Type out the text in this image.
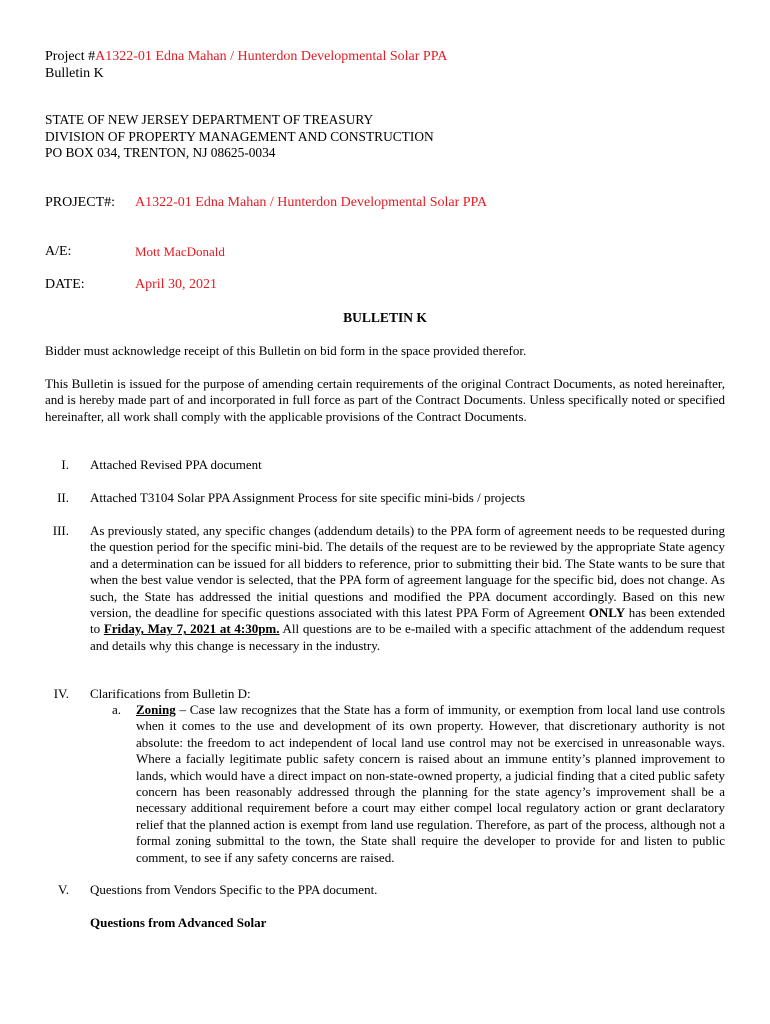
Project #A1322-01 Edna Mahan / Hunterdon Developmental Solar PPA
Bulletin K
STATE OF NEW JERSEY DEPARTMENT OF TREASURY
DIVISION OF PROPERTY MANAGEMENT AND CONSTRUCTION
PO BOX 034, TRENTON, NJ 08625-0034
PROJECT#:	A1322-01 Edna Mahan / Hunterdon Developmental Solar PPA
A/E:	Mott MacDonald
DATE:	April 30, 2021
BULLETIN K

Bidder must acknowledge receipt of this Bulletin on bid form in the space provided therefor.

This Bulletin is issued for the purpose of amending certain requirements of the original Contract Documents, as noted hereinafter, and is hereby made part of and incorporated in full force as part of the Contract Documents. Unless specifically noted or specified hereinafter, all work shall comply with the applicable provisions of the Contract Documents.

I. Attached Revised PPA document
II. Attached T3104 Solar PPA Assignment Process for site specific mini-bids / projects
III. As previously stated, any specific changes (addendum details) to the PPA form of agreement needs to be requested during the question period for the specific mini-bid. The details of the request are to be reviewed by the appropriate State agency and a determination can be issued for all bidders to reference, prior to submitting their bid. The State wants to be sure that when the best value vendor is selected, that the PPA form of agreement language for the specific bid, does not change. As such, the State has addressed the initial questions and modified the PPA document accordingly. Based on this new version, the deadline for specific questions associated with this latest PPA Form of Agreement ONLY has been extended to Friday, May 7, 2021 at 4:30pm. All questions are to be e-mailed with a specific attachment of the addendum request and details why this change is necessary in the industry.

IV. Clarifications from Bulletin D:
a. Zoning – Case law recognizes that the State has a form of immunity, or exemption from local land use controls when it comes to the use and development of its own property. However, that discretionary authority is not absolute: the freedom to act independent of local land use control may not be exercised in unreasonable ways. Where a facially legitimate public safety concern is raised about an immune entity’s planned improvement to lands, which would have a direct impact on non-state-owned property, a judicial finding that a cited public safety concern has been reasonably addressed through the planning for the state agency’s improvement shall be a necessary additional requirement before a court may either compel local regulatory action or grant declaratory relief that the planned action is exempt from land use regulation. Therefore, as part of the process, although not a formal zoning submittal to the town, the State shall require the developer to provide for and listen to public comment, to see if any safety concerns are raised.

V. Questions from Vendors Specific to the PPA document.
Questions from Advanced Solar
